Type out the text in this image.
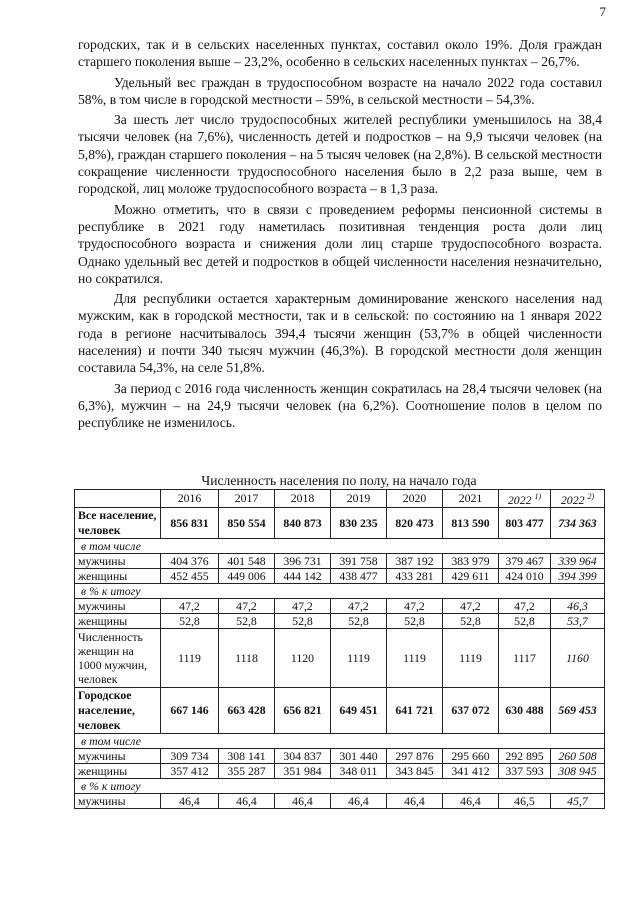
7

городских, так и в сельских населенных пунктах, составил около 19%. Доля граждан старшего поколения выше – 23,2%, особенно в сельских населенных пунктах – 26,7%.

Удельный вес граждан в трудоспособном возрасте на начало 2022 года составил 58%, в том числе в городской местности – 59%, в сельской местности – 54,3%.

За шесть лет число трудоспособных жителей республики уменьшилось на 38,4 тысячи человек (на 7,6%), численность детей и подростков – на 9,9 тысячи человек (на 5,8%), граждан старшего поколения – на 5 тысяч человек (на 2,8%). В сельской местности сокращение численности трудоспособного населения было в 2,2 раза выше, чем в городской, лиц моложе трудоспособного возраста – в 1,3 раза.

Можно отметить, что в связи с проведением реформы пенсионной системы в республике в 2021 году наметилась позитивная тенденция роста доли лиц трудоспособного возраста и снижения доли лиц старше трудоспособного возраста. Однако удельный вес детей и подростков в общей численности населения незначительно, но сократился.

Для республики остается характерным доминирование женского населения над мужским, как в городской местности, так и в сельской: по состоянию на 1 января 2022 года в регионе насчитывалось 394,4 тысячи женщин (53,7% в общей численности населения) и почти 340 тысяч мужчин (46,3%). В городской местности доля женщин составила 54,3%, на селе 51,8%.

За период с 2016 года численность женщин сократилась на 28,4 тысячи человек (на 6,3%), мужчин – на 24,9 тысячи человек (на 6,2%). Соотношение полов в целом по республике не изменилось.

Численность населения по полу, на начало года
	2016	2017	2018	2019	2020	2021	2022 $^{1)}$	2022 $^{2)}$
Все население, человек	856 831	850 554	840 873	830 235	820 473	813 590	803 477	734 363
в том числе								
мужчины	404 376	401 548	396 731	391 758	387 192	383 979	379 467	339 964
женщины	452 455	449 006	444 142	438 477	433 281	429 611	424 010	394 399
в % к итогу								
мужчины	47,2	47,2	47,2	47,2	47,2	47,2	47,2	46,3
женщины	52,8	52,8	52,8	52,8	52,8	52,8	52,8	53,7
Численность женщин на 1000 мужчин, человек	1119	1118	1120	1119	1119	1119	1117	1160
Городское население, человек	667 146	663 428	656 821	649 451	641 721	637 072	630 488	569 453
в том числе								
мужчины	309 734	308 141	304 837	301 440	297 876	295 660	292 895	260 508
женщины	357 412	355 287	351 984	348 011	343 845	341 412	337 593	308 945
в % к итогу								
мужчины	46,4	46,4	46,4	46,4	46,4	46,4	46,5	45,7
